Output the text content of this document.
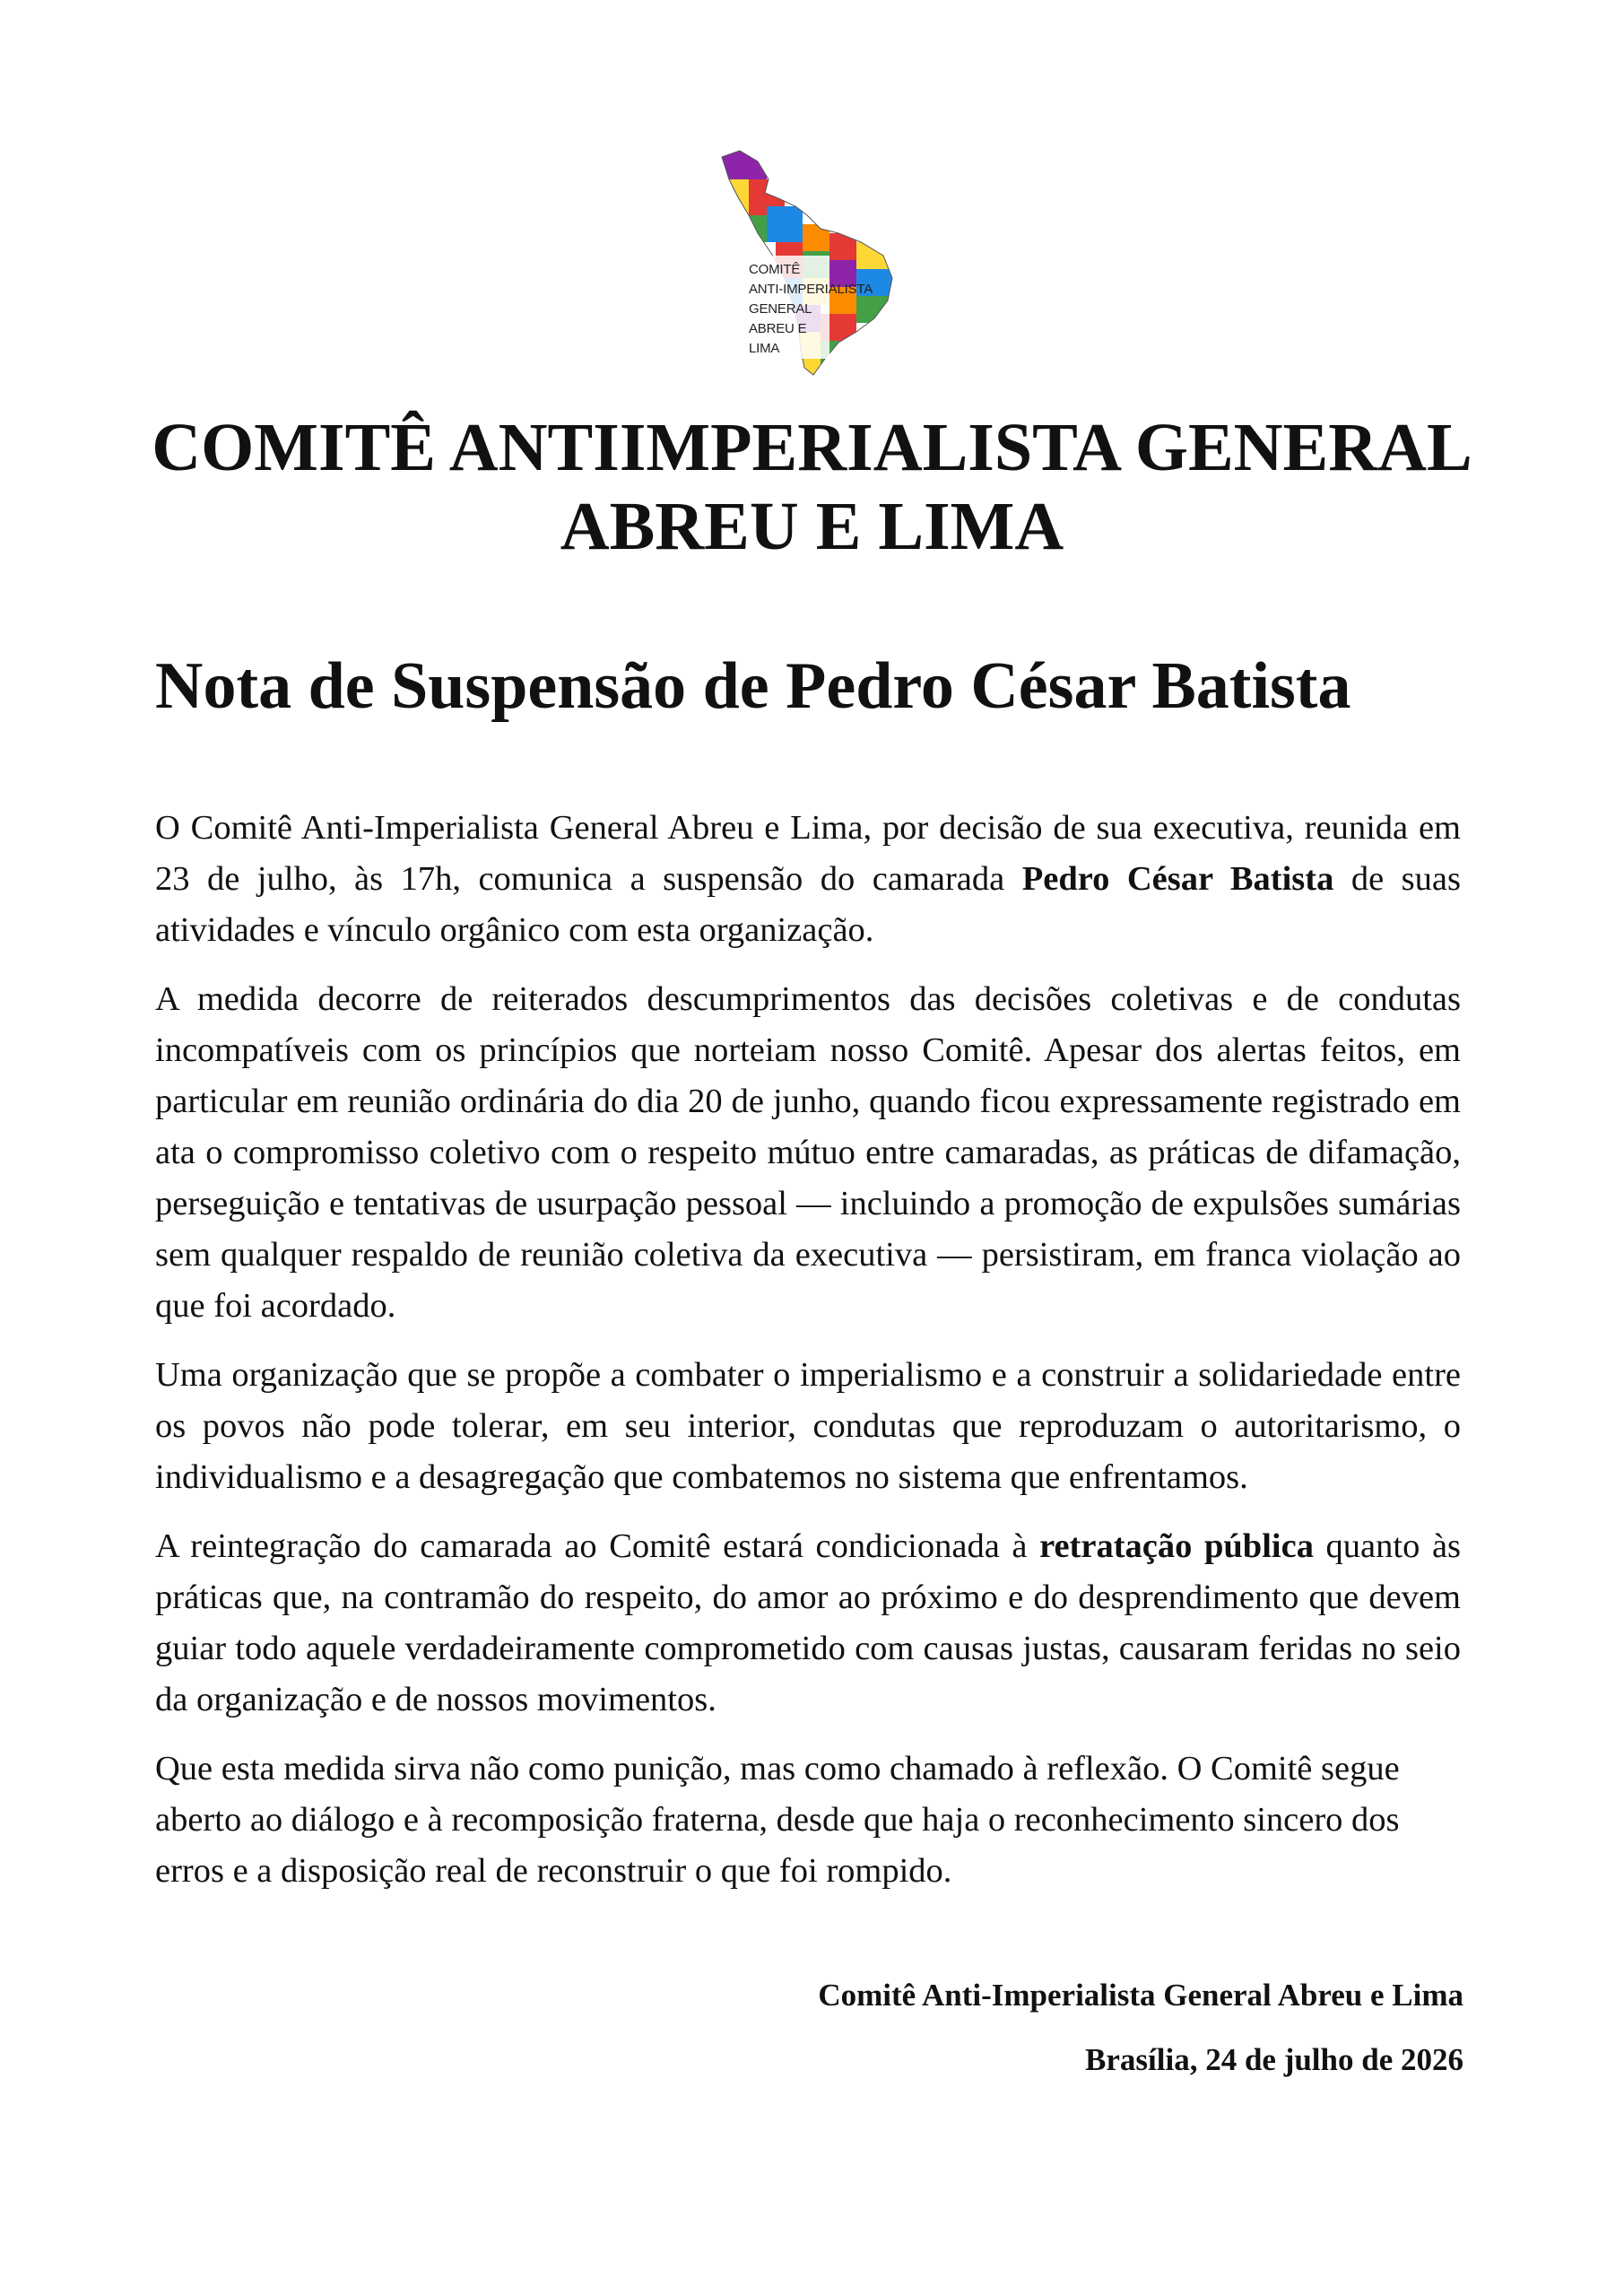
COMITÊ
ANTI-IMPERIALISTA
GENERAL
ABREU E
LIMA
COMITÊ ANTIIMPERIALISTA GENERAL
ABREU E LIMA
Nota de Suspensão de Pedro César Batista

O Comitê Anti-Imperialista General Abreu e Lima, por decisão de sua executiva, reunida em 23 de julho, às 17h, comunica a suspensão do camarada Pedro César Batista de suas atividades e vínculo orgânico com esta organização.

A medida decorre de reiterados descumprimentos das decisões coletivas e de condutas incompatíveis com os princípios que norteiam nosso Comitê. Apesar dos alertas feitos, em particular em reunião ordinária do dia 20 de junho, quando ficou expressamente registrado em ata o compromisso coletivo com o respeito mútuo entre camaradas, as práticas de difamação, perseguição e tentativas de usurpação pessoal — incluindo a promoção de expulsões sumárias sem qualquer respaldo de reunião coletiva da executiva — persistiram, em franca violação ao que foi acordado.

Uma organização que se propõe a combater o imperialismo e a construir a solidariedade entre os povos não pode tolerar, em seu interior, condutas que reproduzam o autoritarismo, o individualismo e a desagregação que combatemos no sistema que enfrentamos.

A reintegração do camarada ao Comitê estará condicionada à retratação pública quanto às práticas que, na contramão do respeito, do amor ao próximo e do desprendimento que devem guiar todo aquele verdadeiramente comprometido com causas justas, causaram feridas no seio da organização e de nossos movimentos.

Que esta medida sirva não como punição, mas como chamado à reflexão. O Comitê segue aberto ao diálogo e à recomposição fraterna, desde que haja o reconhecimento sincero dos erros e a disposição real de reconstruir o que foi rompido.

Comitê Anti-Imperialista General Abreu e Lima
Brasília, 24 de julho de 2026
